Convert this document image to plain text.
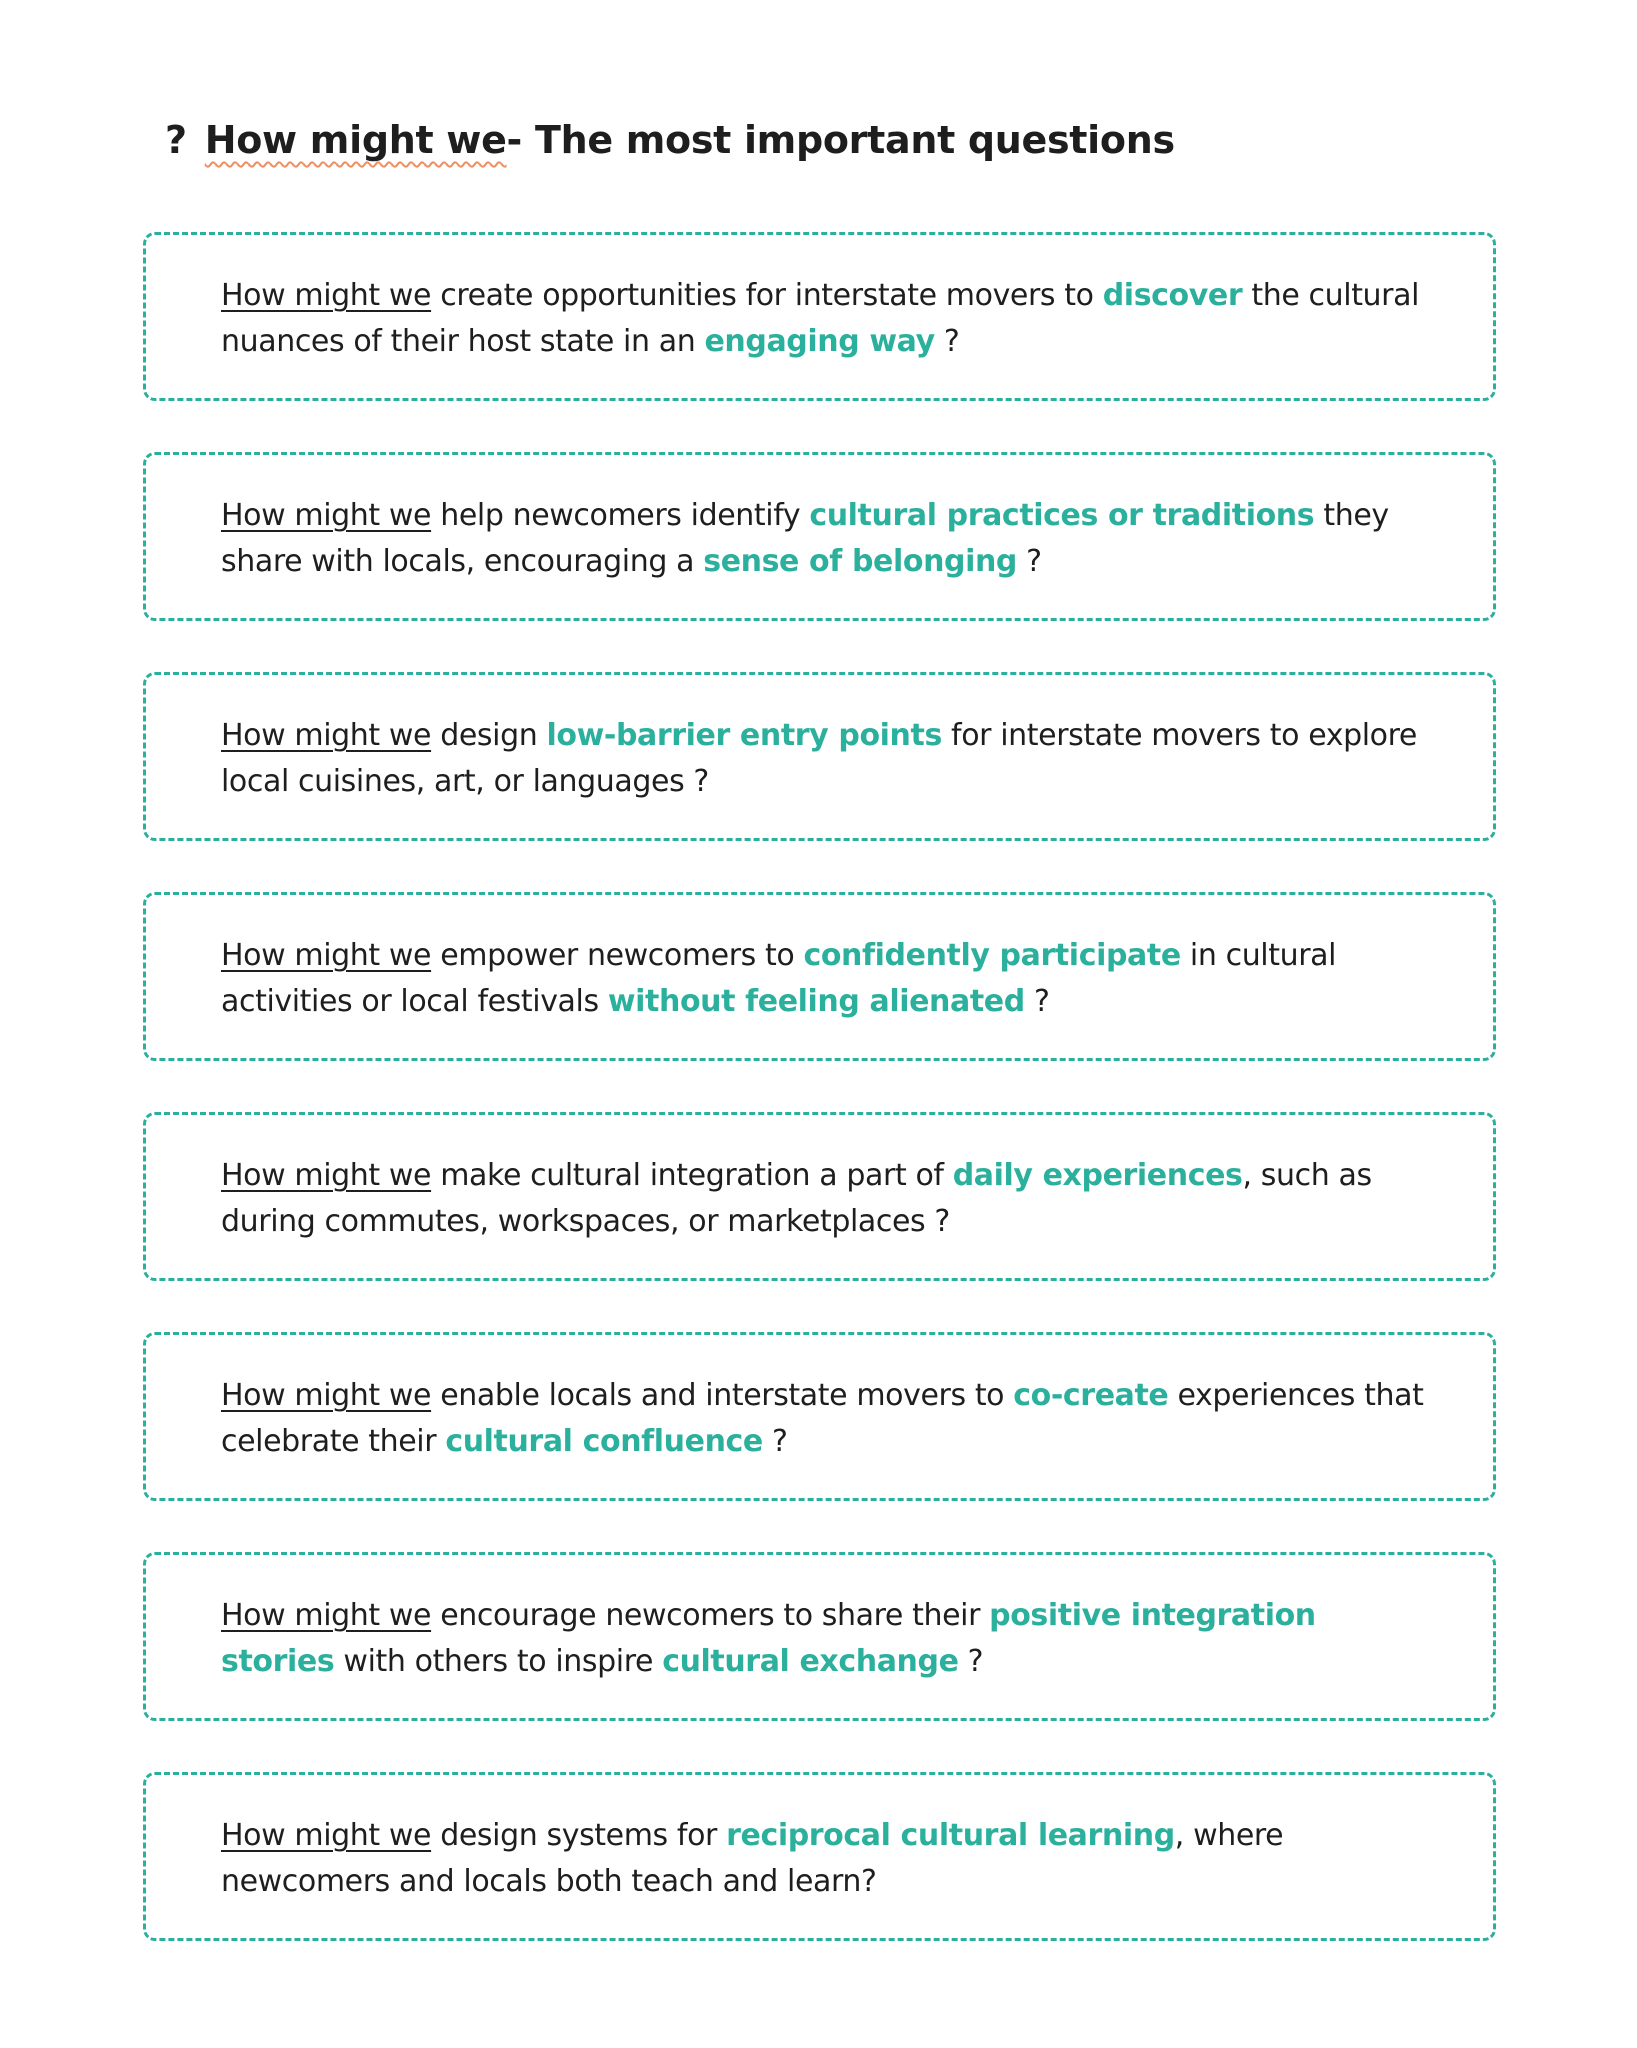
? How might we- The most important questions

How might we create opportunities for interstate movers to discover the cultural nuances of their host state in an engaging way ?

How might we help newcomers identify cultural practices or traditions they share with locals, encouraging a sense of belonging ?

How might we design low-barrier entry points for interstate movers to explore local cuisines, art, or languages ?

How might we empower newcomers to confidently participate in cultural activities or local festivals without feeling alienated ?

How might we make cultural integration a part of daily experiences, such as during commutes, workspaces, or marketplaces ?

How might we enable locals and interstate movers to co-create experiences that celebrate their cultural confluence ?

How might we encourage newcomers to share their positive integration stories with others to inspire cultural exchange ?

How might we design systems for reciprocal cultural learning, where newcomers and locals both teach and learn?
